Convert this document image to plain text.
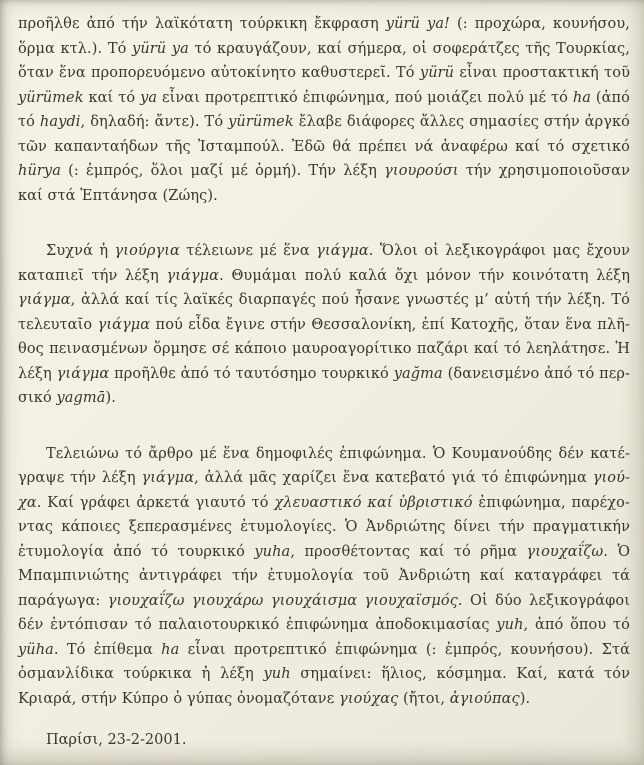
προῆλθε ἀπό τήν λαϊκότατη τούρκικη ἔκφραση yürü ya! (: προχώρα, κουνήσου,
ὅρμα κτλ.). Τό yürü ya τό κραυγάζουν, καί σήμερα, οἱ σοφεράτζες τῆς Τουρκίας,
ὅταν ἕνα προπορευόμενο αὐτοκίνητο καθυστερεῖ. Τό yürü εἶναι προστακτική τοῦ
yürümek καί τό ya εἶναι προτρεπτικό ἐπιφώνημα, πού μοιάζει πολύ μέ τό ha (ἀπό
τό haydi, δηλαδή: ἄντε). Τό yürümek ἔλαβε διάφορες ἄλλες σημασίες στήν ἀργκό
τῶν καπανταήδων τῆς Ἰσταμπούλ. Ἐδῶ θά πρέπει νά ἀναφέρω καί τό σχετικό
hürya (: ἐμπρός, ὅλοι μαζί μέ ὁρμή). Τήν λέξη γιουρούσι τήν χρησιμοποιοῦσαν
καί στά Ἑπτάνησα (Ζώης).
Συχνά ἡ γιούργια τέλειωνε μέ ἕνα γιάγμα. Ὅλοι οἱ λεξικογράφοι μας ἔχουν
καταπιεῖ τήν λέξη γιάγμα. Θυμάμαι πολύ καλά ὄχι μόνον τήν κοινότατη λέξη
γιάγμα, ἀλλά καί τίς λαϊκές διαρπαγές πού ἦσανε γνωστές μ’ αὐτή τήν λέξη. Τό
τελευταῖο γιάγμα πού εἶδα ἔγινε στήν Θεσσαλονίκη, ἐπί Κατοχῆς, ὅταν ἕνα πλῆ-
θος πεινασμένων ὅρμησε σέ κάποιο μαυροαγορίτικο παζάρι καί τό λεηλάτησε. Ἡ
λέξη γιάγμα προῆλθε ἀπό τό ταυτόσημο τουρκικό yağma (δανεισμένο ἀπό τό περ-
σικό yagmā).
Τελειώνω τό ἄρθρο μέ ἕνα δημοφιλές ἐπιφώνημα. Ὁ Κουμανούδης δέν κατέ-
γραψε τήν λέξη γιάγμα, ἀλλά μᾶς χαρίζει ἕνα κατεβατό γιά τό ἐπιφώνημα γιού-
χα. Καί γράφει ἀρκετά γιαυτό τό χλευαστικό καί ὑβριστικό ἐπιφώνημα, παρέχο-
ντας κάποιες ξεπερασμένες ἐτυμολογίες. Ὁ Ἀνδριώτης δίνει τήν πραγματικήν
ἐτυμολογία ἀπό τό τουρκικό yuha, προσθέτοντας καί τό ρῆμα γιουχαΐζω. Ὁ
Μπαμπινιώτης ἀντιγράφει τήν ἐτυμολογία τοῦ Ἀνδριώτη καί καταγράφει τά
παράγωγα: γιουχαΐζω γιουχάρω γιουχάισμα γιουχαϊσμός. Οἱ δύο λεξικογράφοι
δέν ἐντόπισαν τό παλαιοτουρκικό ἐπιφώνημα ἀποδοκιμασίας yuh, ἀπό ὅπου τό
yüha. Τό ἐπίθεμα ha εἶναι προτρεπτικό ἐπιφώνημα (: ἐμπρός, κουνήσου). Στά
ὀσμανλίδικα τούρκικα ἡ λέξη yuh σημαίνει: ἥλιος, κόσμημα. Καί, κατά τόν
Κριαρά, στήν Κύπρο ὁ γύπας ὀνομαζότανε γιούχας (ἤτοι, ἁγιούπας).
Παρίσι, 23-2-2001.
